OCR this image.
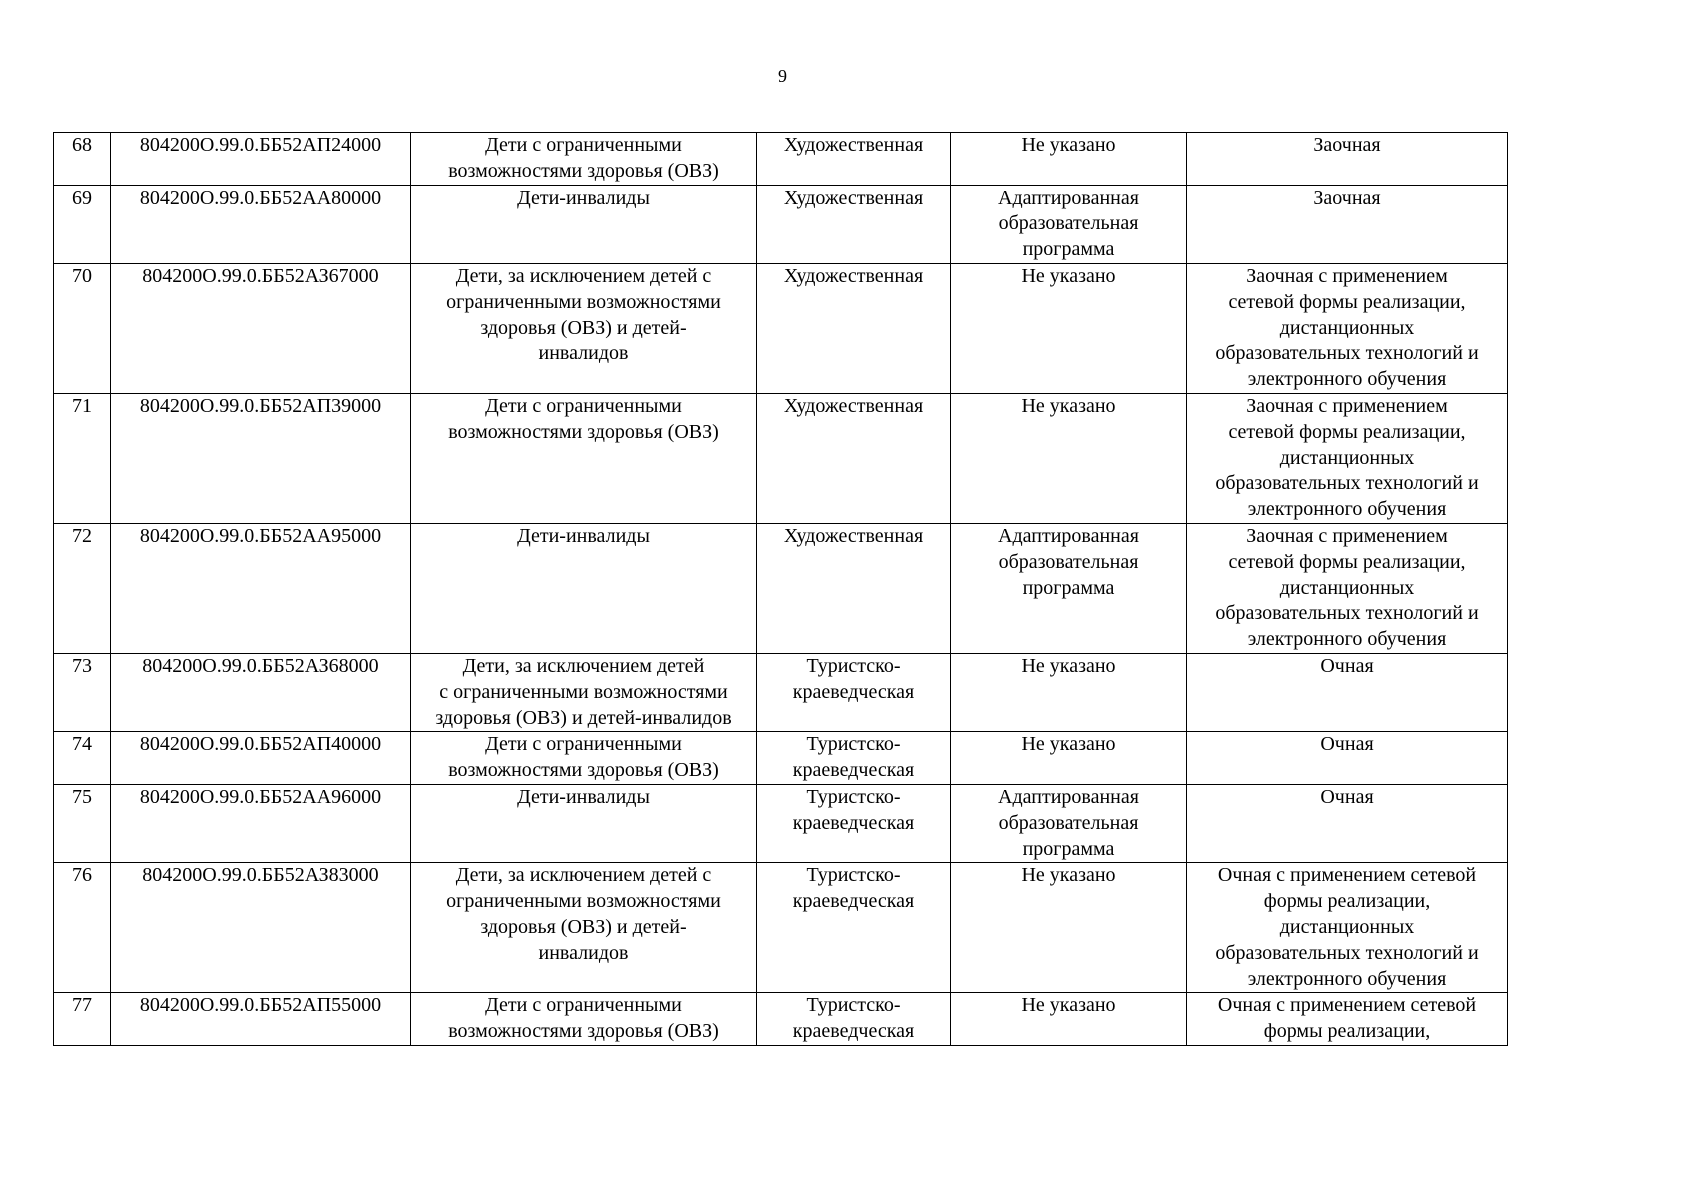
9
68	804200О.99.0.ББ52АП24000	Дети с ограниченными
возможностями здоровья (ОВЗ)	Художественная	Не указано	Заочная

69	804200О.99.0.ББ52АА80000	Дети-инвалиды	Художественная	Адаптированная
образовательная
программа	Заочная

70	804200О.99.0.ББ52АЗ67000	Дети, за исключением детей с
ограниченными возможностями
здоровья (ОВЗ) и детей-
инвалидов	Художественная	Не указано	Заочная с применением
сетевой формы реализации,
дистанционных
образовательных технологий и
электронного обучения

71	804200О.99.0.ББ52АП39000	Дети с ограниченными
возможностями здоровья (ОВЗ)	Художественная	Не указано	Заочная с применением
сетевой формы реализации,
дистанционных
образовательных технологий и
электронного обучения

72	804200О.99.0.ББ52АА95000	Дети-инвалиды	Художественная	Адаптированная
образовательная
программа	Заочная с применением
сетевой формы реализации,
дистанционных
образовательных технологий и
электронного обучения

73	804200О.99.0.ББ52АЗ68000	Дети, за исключением детей
с ограниченными возможностями
здоровья (ОВЗ) и детей-инвалидов	Туристско-
краеведческая	Не указано	Очная

74	804200О.99.0.ББ52АП40000	Дети с ограниченными
возможностями здоровья (ОВЗ)	Туристско-
краеведческая	Не указано	Очная

75	804200О.99.0.ББ52АА96000	Дети-инвалиды	Туристско-
краеведческая	Адаптированная
образовательная
программа	Очная

76	804200О.99.0.ББ52АЗ83000	Дети, за исключением детей с
ограниченными возможностями
здоровья (ОВЗ) и детей-
инвалидов	Туристско-
краеведческая	Не указано	Очная с применением сетевой
формы реализации,
дистанционных
образовательных технологий и
электронного обучения

77	804200О.99.0.ББ52АП55000	Дети с ограниченными
возможностями здоровья (ОВЗ)	Туристско-
краеведческая	Не указано	Очная с применением сетевой
формы реализации,
